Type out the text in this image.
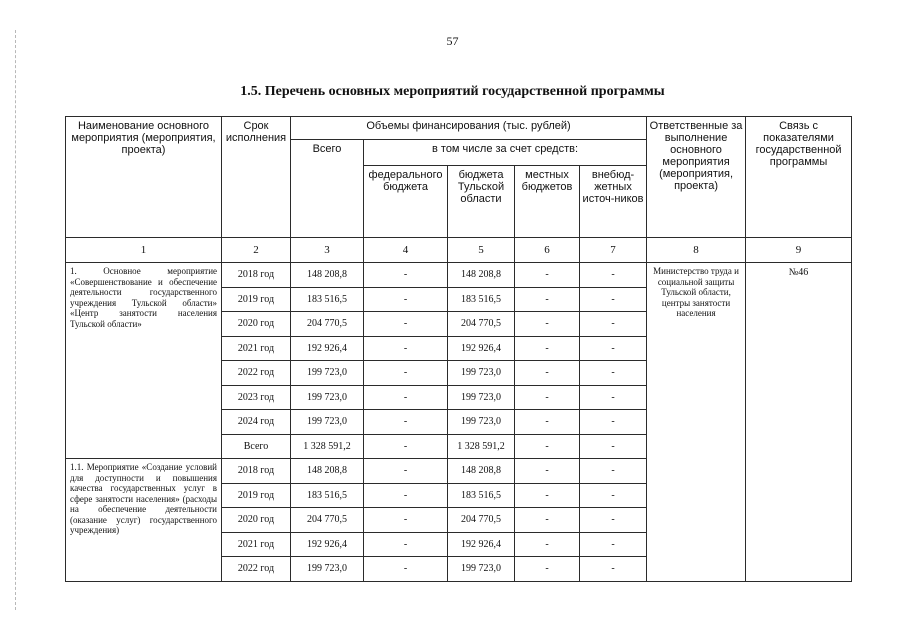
57
1.5. Перечень основных мероприятий государственной программы
Наименование основного мероприятия (мероприятия, проекта)	Срок исполнения	Объемы финансирования (тыс. рублей)					Ответственные за выполнение основного мероприятия (мероприятия, проекта)	Связь с показателями государственной программы
		Всего	в том числе за счет средств:					
			федерального бюджета	бюджета Тульской области	местных бюджетов	внебюд-жетных источ-ников		
1	2	3	4	5	6	7	8	9
1. Основное мероприятие «Совершенствование и обеспечение деятельности государственного учреждения Тульской области» «Центр занятости населения Тульской области»	2018 год	148 208,8	-	148 208,8	-	-	Министерство труда и социальной защиты Тульской области, центры занятости населения	№46
	2019 год	183 516,5	-	183 516,5	-	-		
	2020 год	204 770,5	-	204 770,5	-	-		
	2021 год	192 926,4	-	192 926,4	-	-		
	2022 год	199 723,0	-	199 723,0	-	-		
	2023 год	199 723,0	-	199 723,0	-	-		
	2024 год	199 723,0	-	199 723,0	-	-		
	Всего	1 328 591,2	-	1 328 591,2	-	-		
1.1. Мероприятие «Создание условий для доступности и повышения качества государственных услуг в сфере занятости населения» (расходы на обеспечение деятельности (оказание услуг) государственного учреждения)	2018 год	148 208,8	-	148 208,8	-	-		
	2019 год	183 516,5	-	183 516,5	-	-		
	2020 год	204 770,5	-	204 770,5	-	-		
	2021 год	192 926,4	-	192 926,4	-	-		
	2022 год	199 723,0	-	199 723,0	-	-		
